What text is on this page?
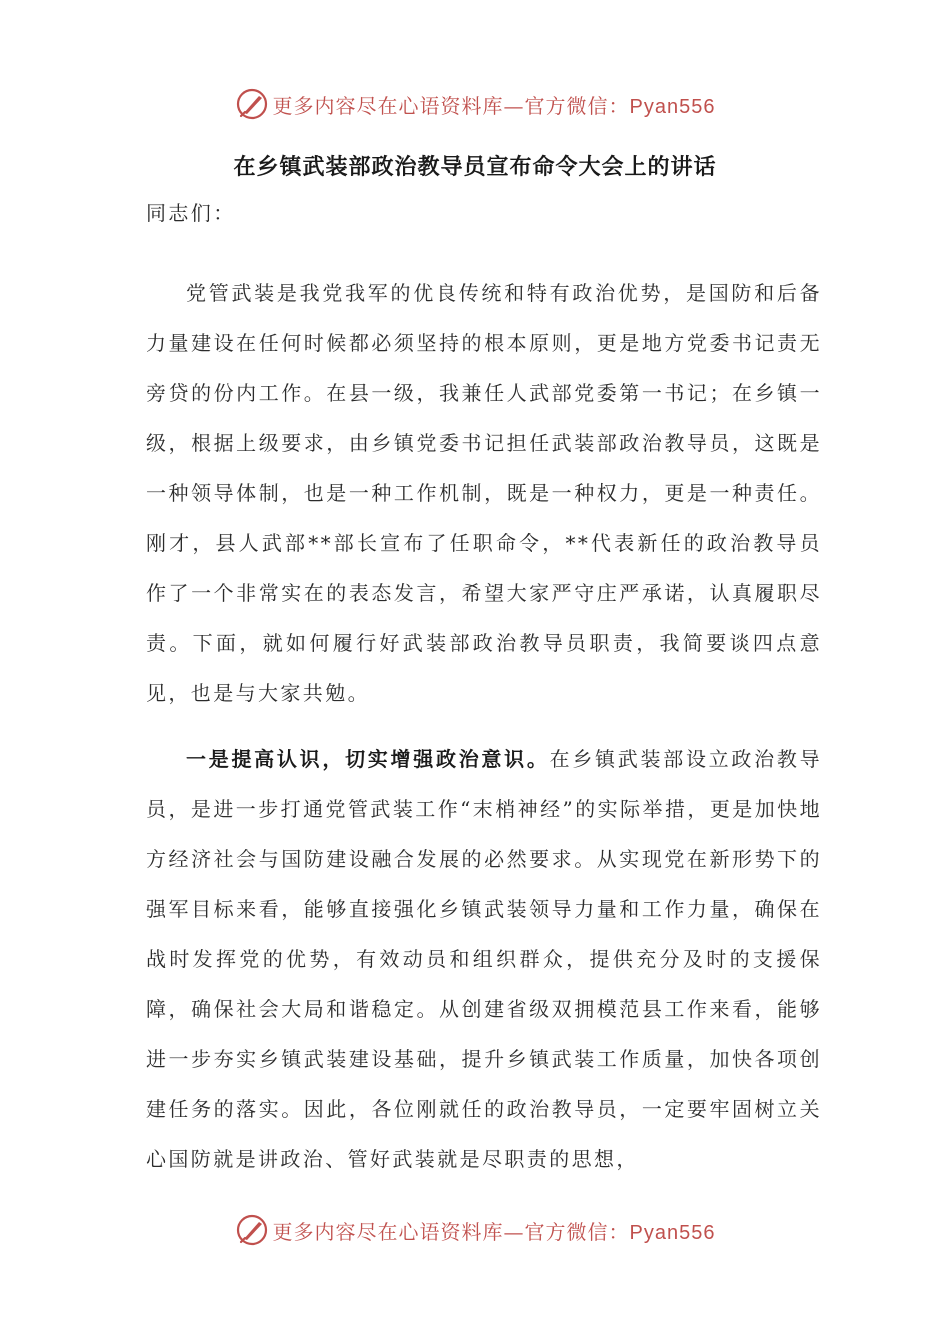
更多内容尽在心语资料库—官方微信：Pyan556
在乡镇武装部政治教导员宣布命令大会上的讲话

同志们：

党管武装是我党我军的优良传统和特有政治优势，是国防和后备力量建设在任何时候都必须坚持的根本原则，更是地方党委书记责无旁贷的份内工作。在县一级，我兼任人武部党委第一书记；在乡镇一级，根据上级要求，由乡镇党委书记担任武装部政治教导员，这既是一种领导体制，也是一种工作机制，既是一种权力，更是一种责任。刚才，县人武部**部长宣布了任职命令，**代表新任的政治教导员作了一个非常实在的表态发言，希望大家严守庄严承诺，认真履职尽责。下面，就如何履行好武装部政治教导员职责，我简要谈四点意见，也是与大家共勉。

一是提高认识，切实增强政治意识。在乡镇武装部设立政治教导员，是进一步打通党管武装工作“末梢神经”的实际举措，更是加快地方经济社会与国防建设融合发展的必然要求。从实现党在新形势下的强军目标来看，能够直接强化乡镇武装领导力量和工作力量，确保在战时发挥党的优势，有效动员和组织群众，提供充分及时的支援保障，确保社会大局和谐稳定。从创建省级双拥模范县工作来看，能够进一步夯实乡镇武装建设基础，提升乡镇武装工作质量，加快各项创建任务的落实。因此，各位刚就任的政治教导员，一定要牢固树立关心国防就是讲政治、管好武装就是尽职责的思想，

更多内容尽在心语资料库—官方微信：Pyan556
